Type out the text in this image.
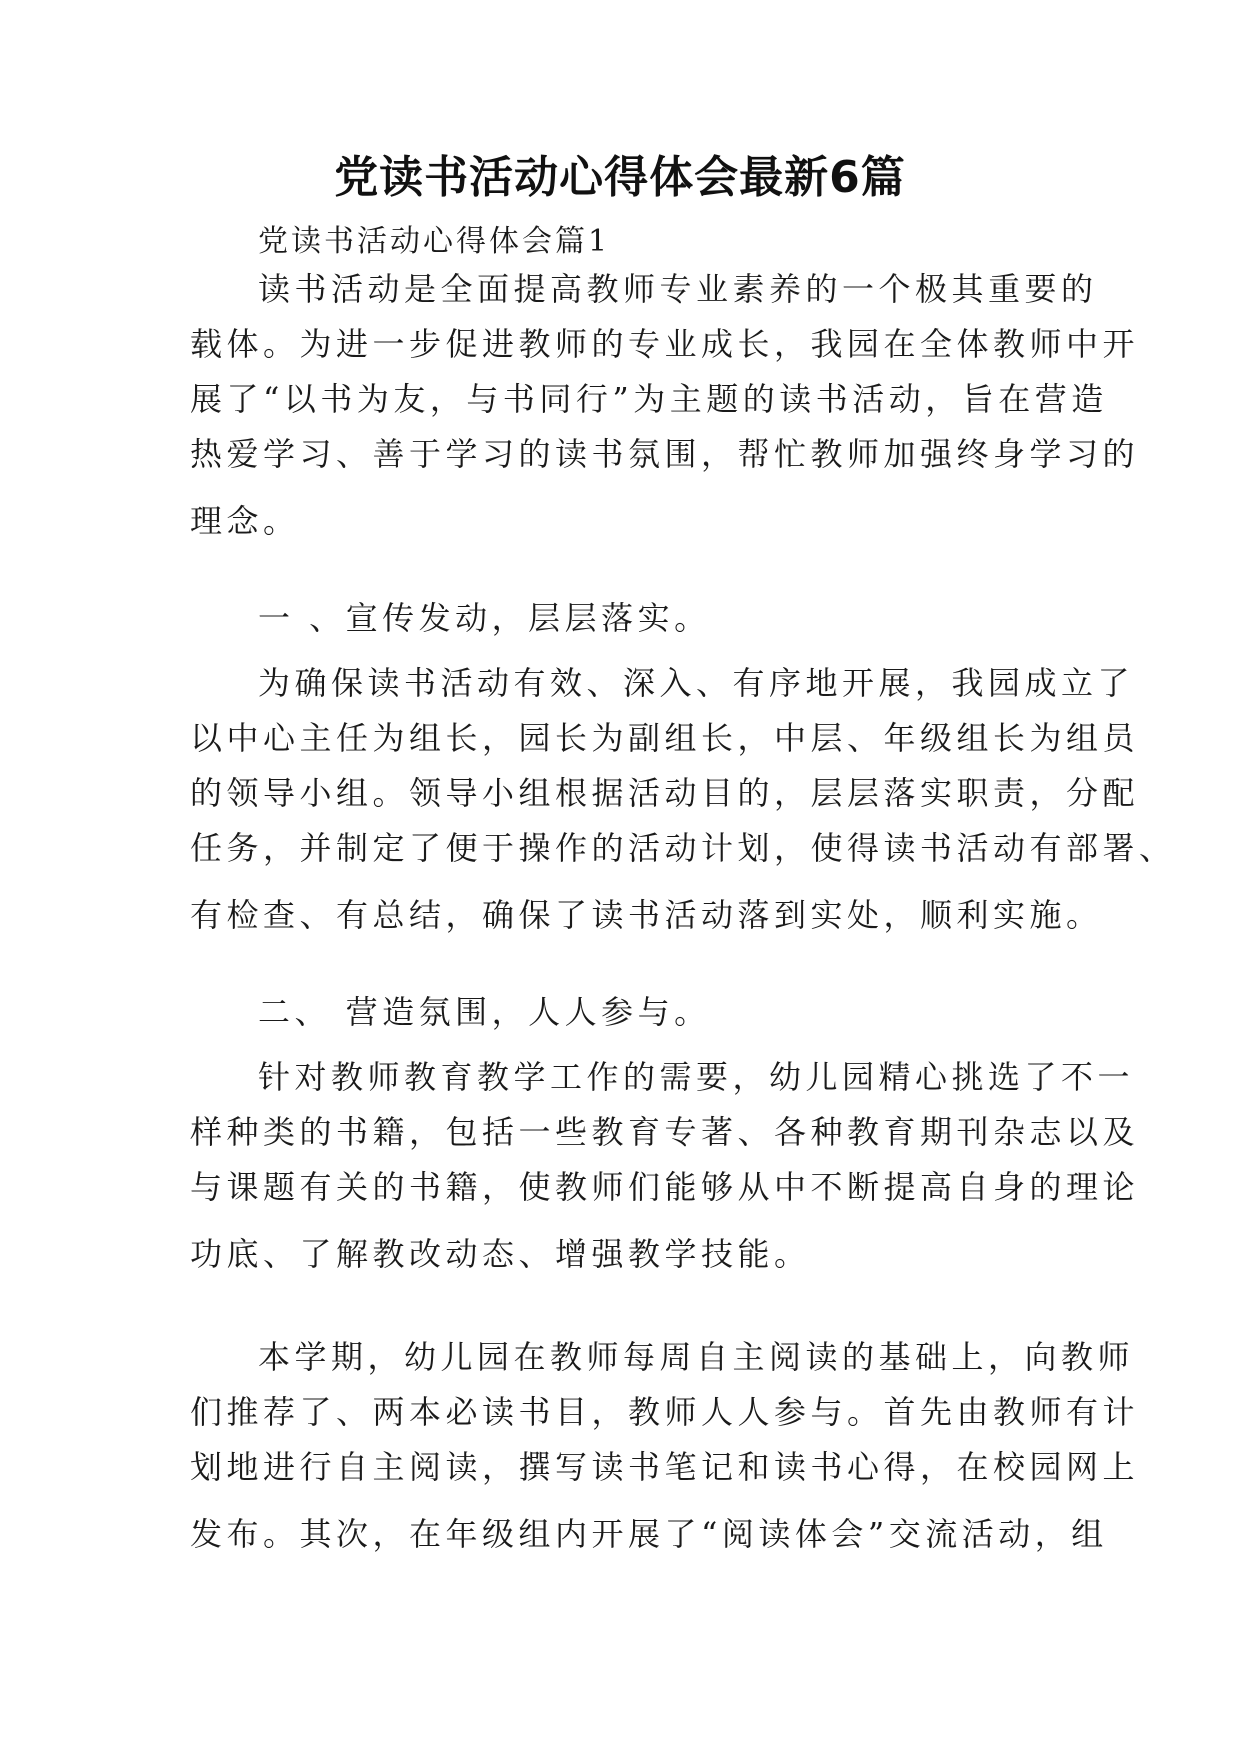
党读书活动心得体会最新6篇
党读书活动心得体会篇1
读书活动是全面提高教师专业素养的一个极其重要的
载体。为进一步促进教师的专业成长，我园在全体教师中开
展了“以书为友，与书同行”为主题的读书活动，旨在营造
热爱学习、善于学习的读书氛围，帮忙教师加强终身学习的
理念。
一 、宣传发动，层层落实。
为确保读书活动有效、深入、有序地开展，我园成立了
以中心主任为组长，园长为副组长，中层、年级组长为组员
的领导小组。领导小组根据活动目的，层层落实职责，分配
任务，并制定了便于操作的活动计划，使得读书活动有部署、
有检查、有总结，确保了读书活动落到实处，顺利实施。
二、 营造氛围，人人参与。
针对教师教育教学工作的需要，幼儿园精心挑选了不一
样种类的书籍，包括一些教育专著、各种教育期刊杂志以及
与课题有关的书籍，使教师们能够从中不断提高自身的理论
功底、了解教改动态、增强教学技能。
本学期，幼儿园在教师每周自主阅读的基础上，向教师
们推荐了、两本必读书目，教师人人参与。首先由教师有计
划地进行自主阅读，撰写读书笔记和读书心得，在校园网上
发布。其次，在年级组内开展了“阅读体会”交流活动，组
